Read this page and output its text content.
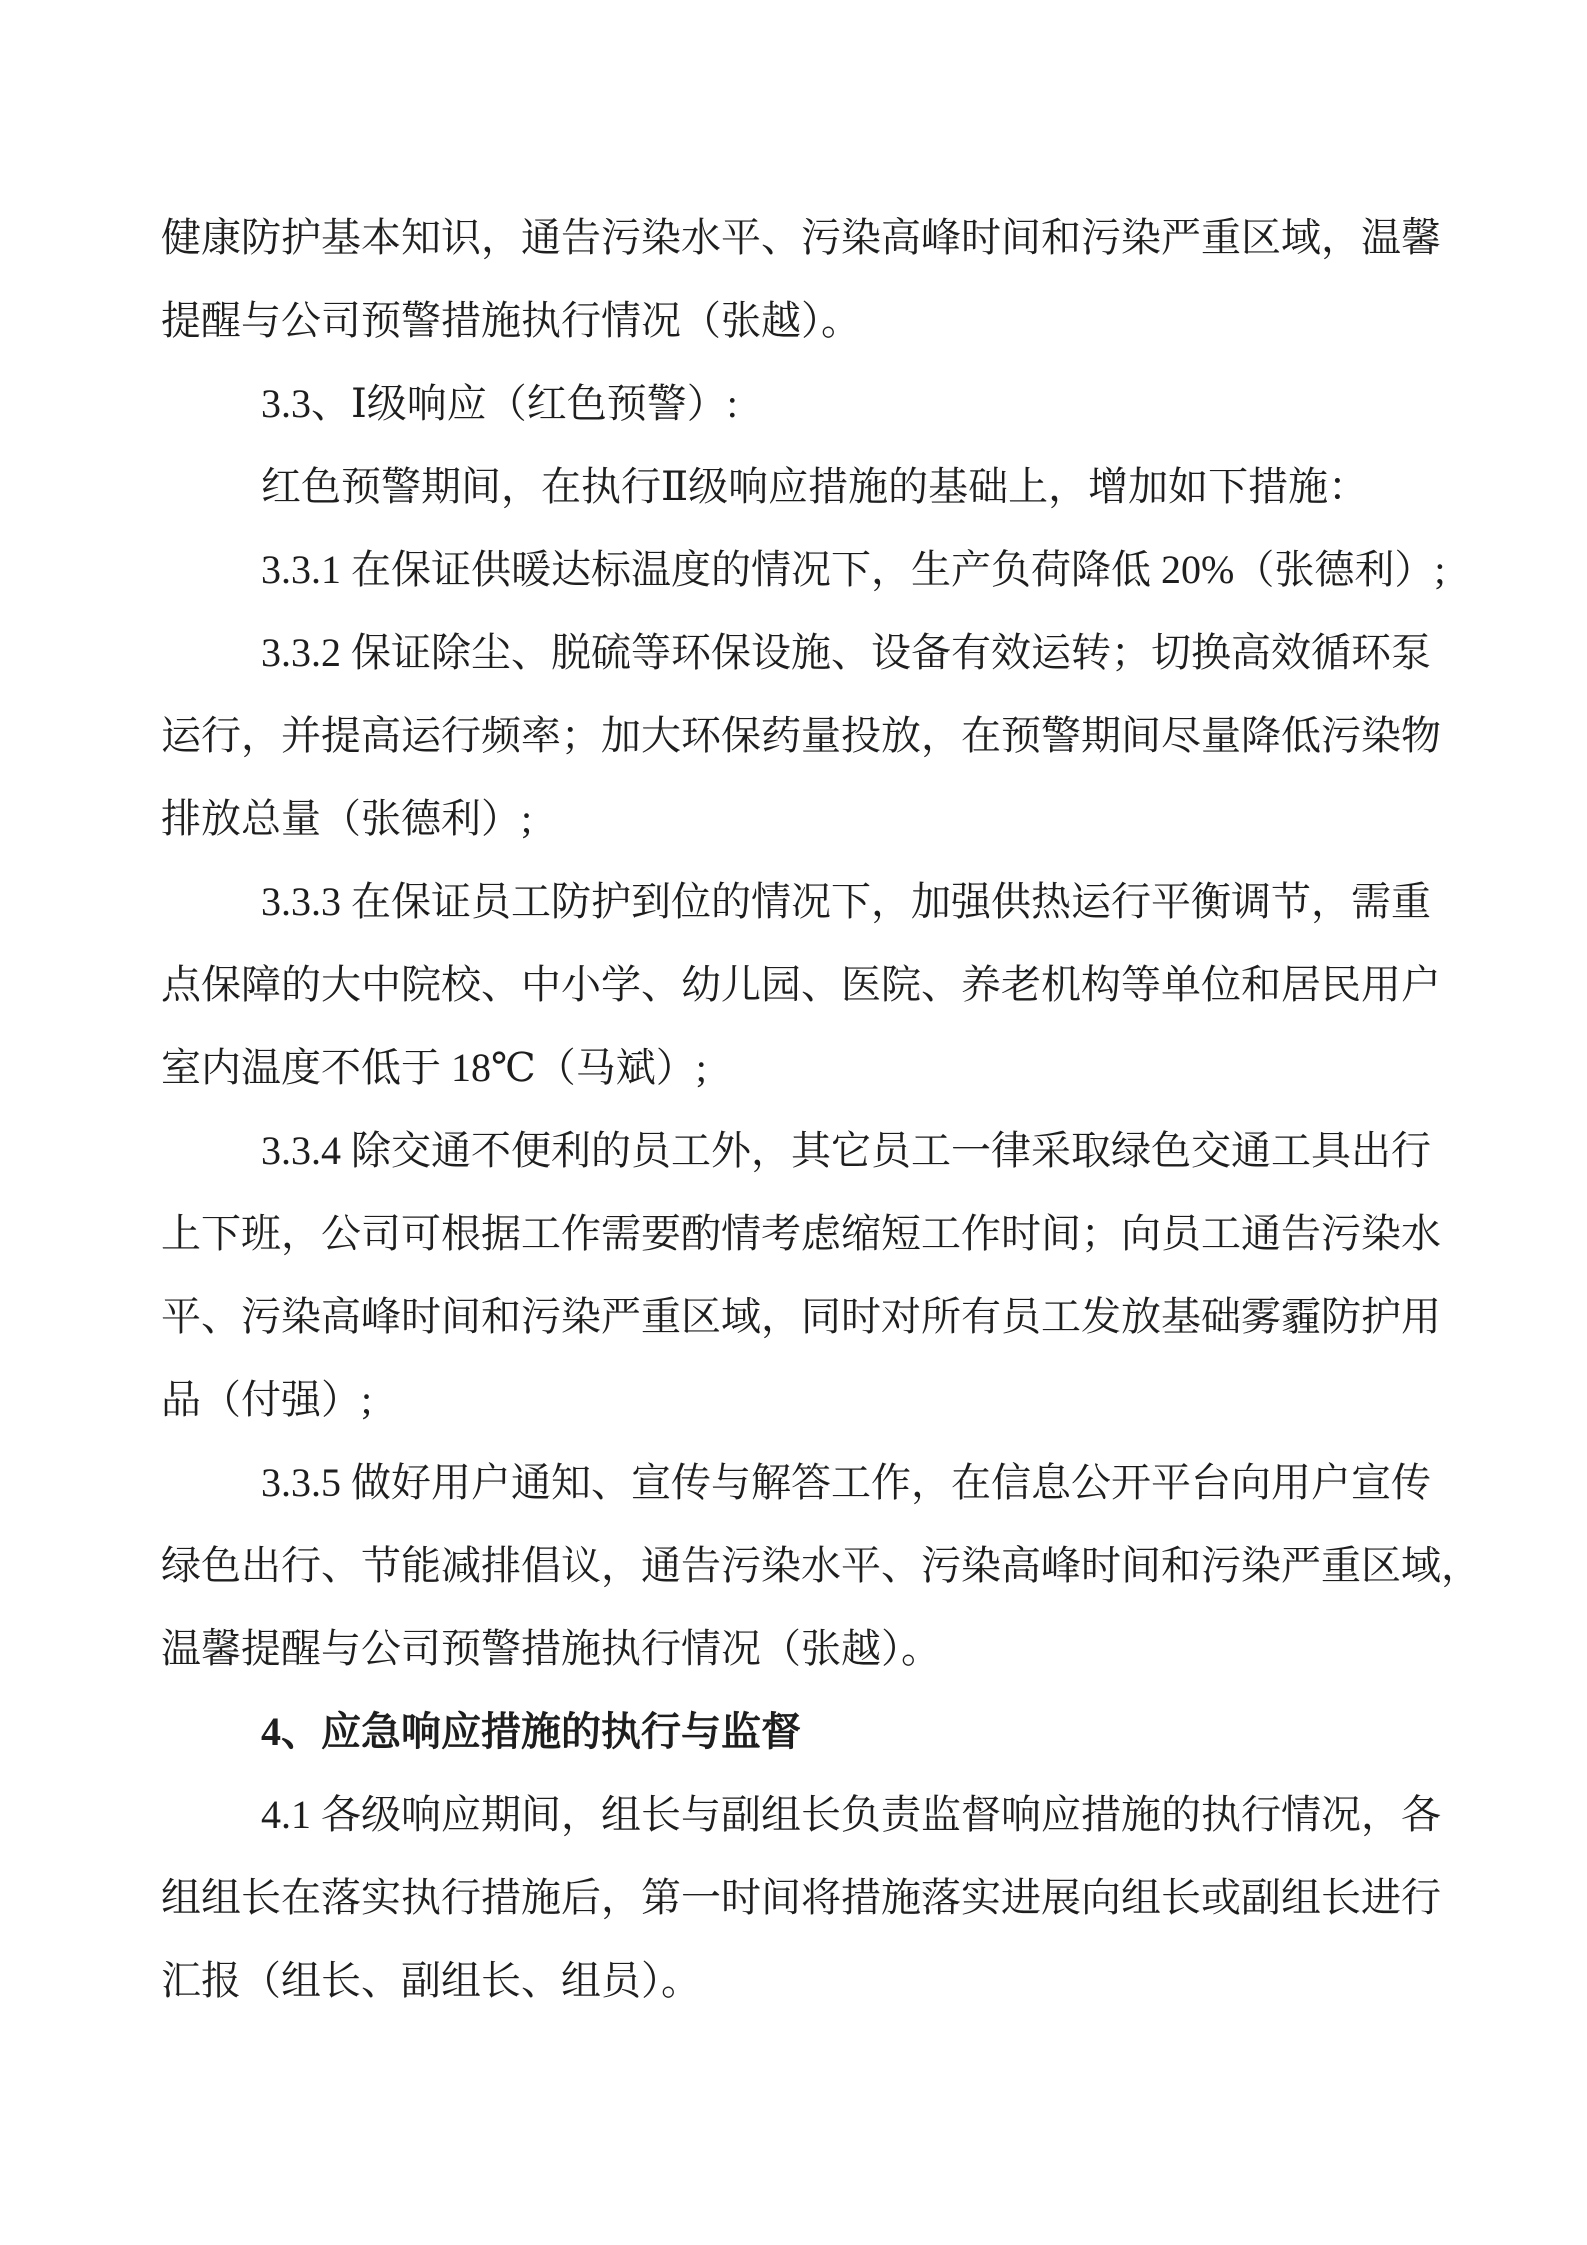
健康防护基本知识，通告污染水平、污染高峰时间和污染严重区域，温馨
提醒与公司预警措施执行情况（张越）。
3.3、Ⅰ级响应（红色预警）:
红色预警期间，在执行Ⅱ级响应措施的基础上，增加如下措施：
3.3.1 在保证供暖达标温度的情况下，生产负荷降低 20%（张德利）;
3.3.2 保证除尘、脱硫等环保设施、设备有效运转；切换高效循环泵
运行，并提高运行频率；加大环保药量投放，在预警期间尽量降低污染物
排放总量（张德利）;
3.3.3 在保证员工防护到位的情况下，加强供热运行平衡调节，需重
点保障的大中院校、中小学、幼儿园、医院、养老机构等单位和居民用户
室内温度不低于 18℃（马斌）;
3.3.4 除交通不便利的员工外，其它员工一律采取绿色交通工具出行
上下班，公司可根据工作需要酌情考虑缩短工作时间；向员工通告污染水
平、污染高峰时间和污染严重区域，同时对所有员工发放基础雾霾防护用
品（付强）;
3.3.5 做好用户通知、宣传与解答工作，在信息公开平台向用户宣传
绿色出行、节能减排倡议，通告污染水平、污染高峰时间和污染严重区域，
温馨提醒与公司预警措施执行情况（张越）。
4、应急响应措施的执行与监督
4.1 各级响应期间，组长与副组长负责监督响应措施的执行情况，各
组组长在落实执行措施后，第一时间将措施落实进展向组长或副组长进行
汇报（组长、副组长、组员）。
